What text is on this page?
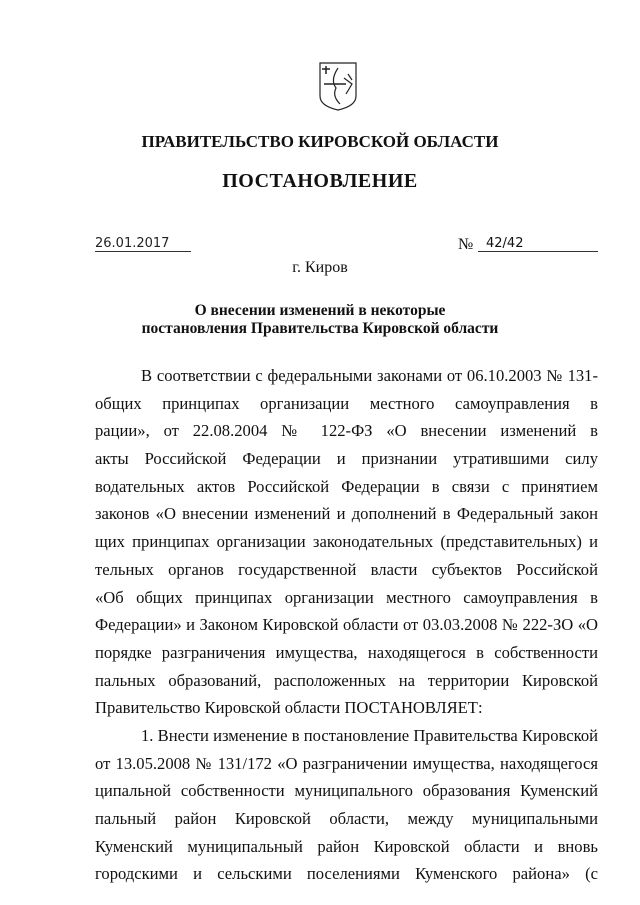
ПРАВИТЕЛЬСТВО КИРОВСКОЙ ОБЛАСТИ
ПОСТАНОВЛЕНИЕ
26.01.2017	№ 42/42
г. Киров
О внесении изменений в некоторые
постановления Правительства Кировской области
В соответствии с федеральными законами от 06.10.2003 № 131-
общих принципах организации местного самоуправления в
рации», от 22.08.2004 № 122-ФЗ «О внесении изменений в
акты Российской Федерации и признании утратившими силу
водательных актов Российской Федерации в связи с принятием
законов «О внесении изменений и дополнений в Федеральный закон
щих принципах организации законодательных (представительных) и
тельных органов государственной власти субъектов Российской
«Об общих принципах организации местного самоуправления в
Федерации» и Законом Кировской области от 03.03.2008 № 222-ЗО «О
порядке разграничения имущества, находящегося в собственности
пальных образований, расположенных на территории Кировской
Правительство Кировской области ПОСТАНОВЛЯЕТ:
1. Внести изменение в постановление Правительства Кировской
от 13.05.2008 № 131/172 «О разграничении имущества, находящегося
ципальной собственности муниципального образования Куменский
пальный район Кировской области, между муниципальными
Куменский муниципальный район Кировской области и вновь
городскими и сельскими поселениями Куменского района» (с
